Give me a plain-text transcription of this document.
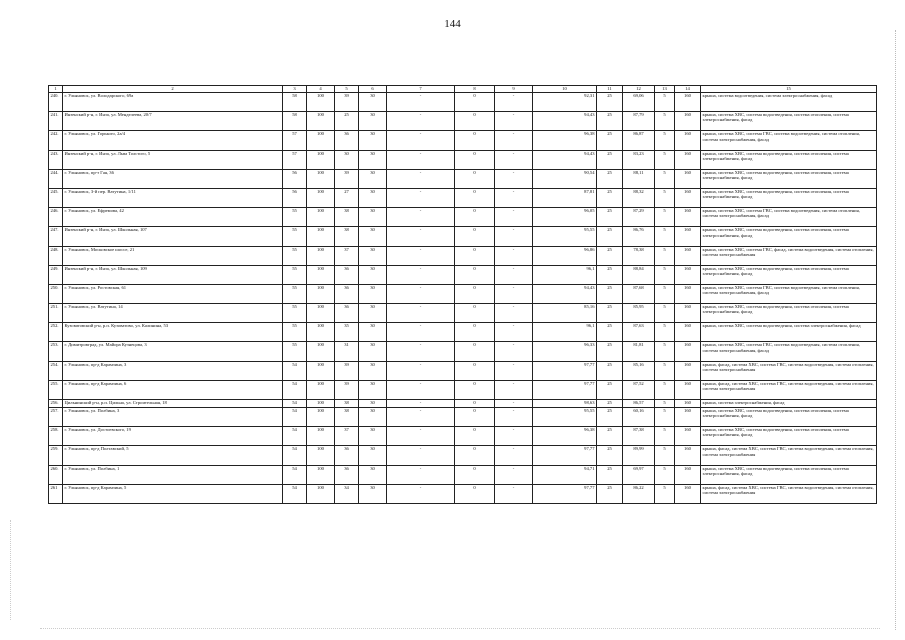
144
1	2	3	4	5	6	7	8	9	10	11	12	13	14	15
240.	г. Ульяновск, ул. Володарского, 69а	58	100	39	30	-	0	-	92,31	25	69,06	5	160	крыша, система водоотведения, система электроснабжения, фасад
241.	Инзенский р-н, г. Инза, ул. Менделеева, 20/7	58	100	25	30	-	0	-	94,43	25	87,79	5	160	крыша, система ХВС, система водоотведения, система отопления, система электроснабжения, фасад
242.	г. Ульяновск, ул. Горького, 2а/4	57	100	36	30	-	0	-	96,38	25	86,87	5	160	крыша, система ХВС, система ГВС, система водоотведения, система отопления, система электроснабжения, фасад
243.	Инзенский р-н, г. Инза, ул. Льва Толстого, 5	57	100	30	30	-	0	-	94,43	25	83,23	5	160	крыша, система ХВС, система водоотведения, система отопления, система электроснабжения, фасад
244.	г. Ульяновск, пр-т Гая, 36	56	100	39	30	-	0	-	90,54	25	88,11	5	160	крыша, система ХВС, система водоотведения, система отопления, система электроснабжения, фасад
245.	г. Ульяновск, 3-й пер. Ватутина, 1/11	56	100	27	30	-	0	-	87,81	25	88,32	5	160	крыша, система ХВС, система водоотведения, система отопления, система электроснабжения, фасад
246.	г. Ульяновск, ул. Ефремова, 42	55	100	38	30	-	0	-	96,05	25	87,29	5	160	крыша, система ХВС, система ГВС, система водоотведения, система отопления, система электроснабжения, фасад
247.	Инзенский р-н, г. Инза, ул. Школьная, 107	55	100	38	30	-	0	-	95,55	25	86,76	5	160	крыша, система ХВС, система водоотведения, система отопления, система электроснабжения, фасад
248.	г. Ульяновск, Московское шоссе, 21	55	100	37	30	-	0	-	96,86	25	78,38	5	160	крыша, система ХВС, система ГВС, фасад, система водоотведения, система отопления, система электроснабжения
249.	Инзенский р-н, г. Инза, ул. Школьная, 109	55	100	36	30	-	0	-	96,1	25	88,84	5	160	крыша, система ХВС, система водоотведения, система отопления, система электроснабжения, фасад
250.	г. Ульяновск, ул. Ростовская, 61	55	100	36	30	-	0	-	94,43	25	87,68	5	160	крыша, система ХВС, система ГВС, система водоотведения, система отопления, система электроснабжения, фасад
251.	г. Ульяновск, ул. Ватутина, 14	55	100	36	30	-	0	-	85,16	25	85,95	5	160	крыша, система ХВС, система водоотведения, система отопления, система электроснабжения, фасад
252.	Кузоватовский р-н, р.п. Кузоватово, ул. Калинина, 53	55	100	35	30	-	0	-	96,1	25	87,63	5	160	крыша, система ХВС, система водоотведения, система электроснабжения, фасад
253.	г. Димитровград, ул. Майора Кузнецова, 3	55	100	31	30	-	0	-	96,33	25	81,81	5	160	крыша, система ХВС, система ГВС, система водоотведения, система отопления, система электроснабжения, фасад
254.	г. Ульяновск, пр-д Карамзина, 3	54	100	39	30	-	0	-	97,77	25	85,16	5	160	крыша, фасад, система ХВС, система ГВС, система водоотведения, система отопления, система электроснабжения
255.	г. Ульяновск, пр-д Карамзина, 6	54	100	39	30	-	0	-	97,77	25	87,52	5	160	крыша, фасад, система ХВС, система ГВС, система водоотведения, система отопления, система электроснабжения
256.	Цильнинский р-н, р.п. Цильна, ул. Строительная, 18	54	100	38	30	-	0	-	98,63	25	86,57	5	160	крыша, система электроснабжения, фасад
257.	г. Ульяновск, ул. Полбина, 3	54	100	38	30	-	0	-	95,55	25	60,16	5	160	крыша, система ХВС, система водоотведения, система отопления, система электроснабжения, фасад
258.	г. Ульяновск, ул. Достоевского, 19	54	100	37	30	-	0	-	96,38	25	87,38	5	160	крыша, система ХВС, система водоотведения, система отопления, система электроснабжения, фасад
259.	г. Ульяновск, пр-д Полтавский, 5	54	100	36	30	-	0	-	97,77	25	89,99	5	160	крыша, фасад, система ХВС, система ГВС, система водоотведения, система отопления, система электроснабжения
260.	г. Ульяновск, ул. Полбина, 1	54	100	36	30	-	0	-	94,71	25	69,97	5	160	крыша, система ХВС, система водоотведения, система отопления, система электроснабжения, фасад
261	г. Ульяновск, пр-д Карамзина, 5	54	100	34	30	-	0	-	97,77	25	86,22	5	160	крыша, фасад, система ХВС, система ГВС, система водоотведения, система отопления, система электроснабжения
